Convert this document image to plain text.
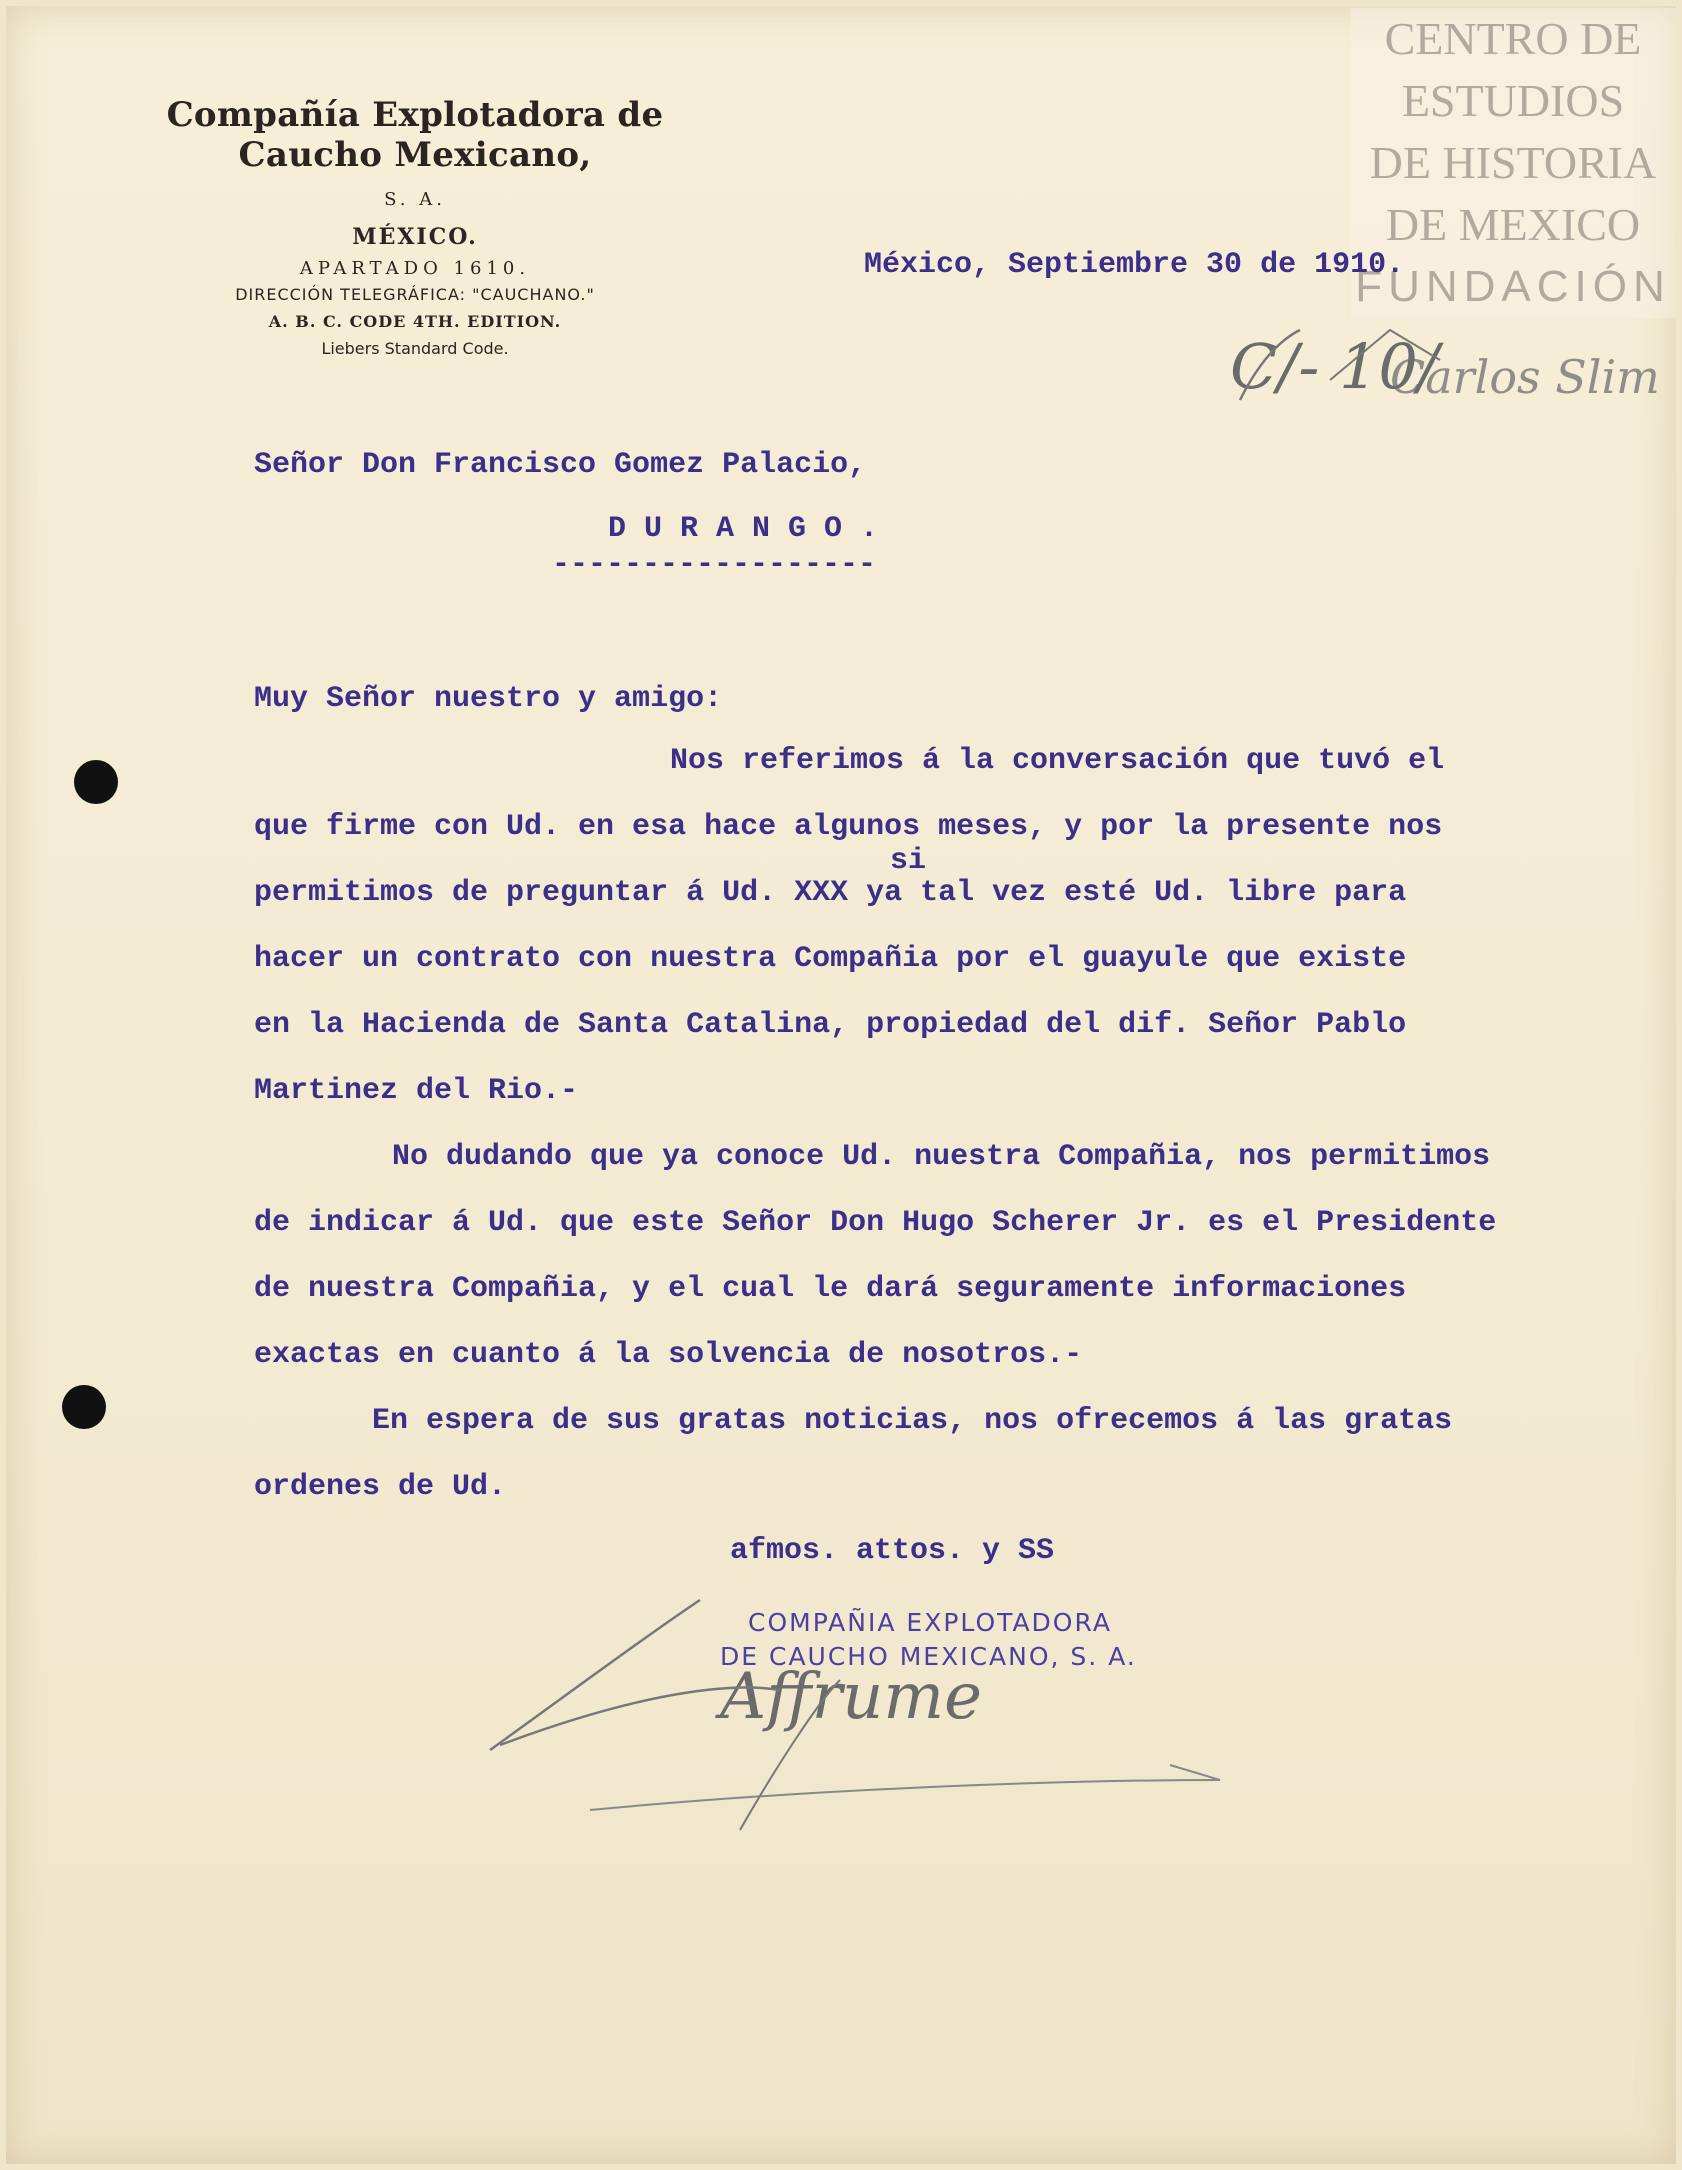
Compañía Explotadora de Caucho Mexicano,
S. A.
MÉXICO.
APARTADO 1610.
DIRECCIÓN TELEGRÁFICA: "CAUCHANO."
A. B. C. CODE 4TH. EDITION.
Liebers Standard Code.
CENTRO DE
ESTUDIOS
DE HISTORIA
DE MEXICO
FUNDACIÓN
Carlos Slim
México, Septiembre 30 de 1910.
C/- 10/
Señor Don Francisco Gomez Palacio,
D U R A N G O .
------------------
Muy Señor nuestro y amigo:
Nos referimos á la conversación que tuvó el
que firme con Ud. en esa hace algunos meses, y por la presente nos
si
permitimos de preguntar á Ud. XXX ya tal vez esté Ud. libre para
hacer un contrato con nuestra Compañia por el guayule que existe
en la Hacienda de Santa Catalina, propiedad del dif. Señor Pablo
Martinez del Rio.-
No dudando que ya conoce Ud. nuestra Compañia, nos permitimos
de indicar á Ud. que este Señor Don Hugo Scherer Jr. es el Presidente
de nuestra Compañia, y el cual le dará seguramente informaciones
exactas en cuanto á la solvencia de nosotros.-
En espera de sus gratas noticias, nos ofrecemos á las gratas
ordenes de Ud.
afmos. attos. y SS
COMPAÑIA EXPLOTADORA
DE CAUCHO MEXICANO, S. A.
Affrume
